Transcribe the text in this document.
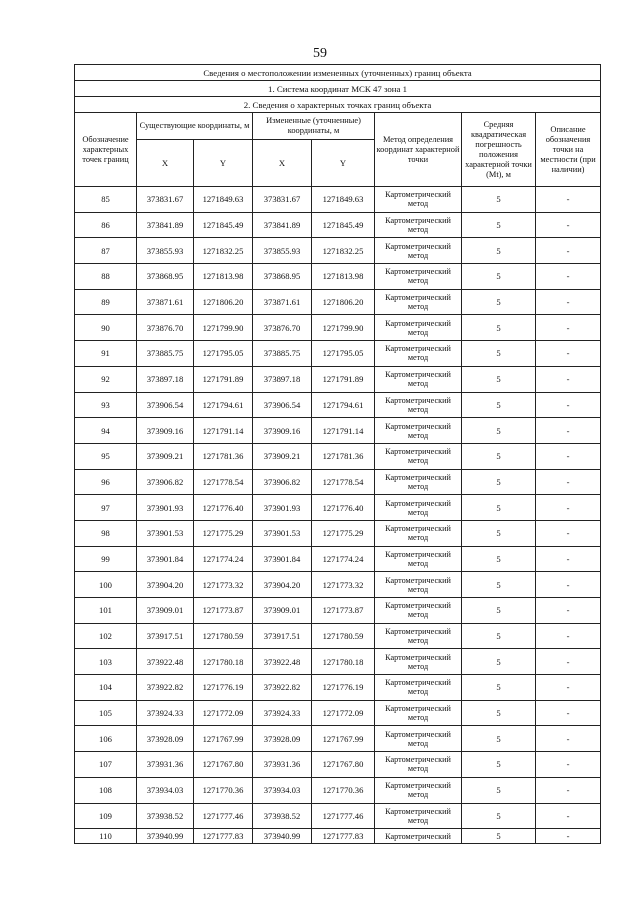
59
Сведения о местоположении измененных (уточненных) границ объекта							
1. Система координат МСК 47 зона 1							
2. Сведения о характерных точках границ объекта							
Обозначение характерных точек границ	Существующие координаты, м		Измененные (уточненные) координаты, м		Метод определения координат характерной точки	Средняя квадратическая погрешность положения характерной точки (Mt), м	Описание обозначения точки на местности (при наличии)
	X	Y	X	Y			
85	373831.67	1271849.63	373831.67	1271849.63	Картометрический метод	5	-
86	373841.89	1271845.49	373841.89	1271845.49	Картометрический метод	5	-
87	373855.93	1271832.25	373855.93	1271832.25	Картометрический метод	5	-
88	373868.95	1271813.98	373868.95	1271813.98	Картометрический метод	5	-
89	373871.61	1271806.20	373871.61	1271806.20	Картометрический метод	5	-
90	373876.70	1271799.90	373876.70	1271799.90	Картометрический метод	5	-
91	373885.75	1271795.05	373885.75	1271795.05	Картометрический метод	5	-
92	373897.18	1271791.89	373897.18	1271791.89	Картометрический метод	5	-
93	373906.54	1271794.61	373906.54	1271794.61	Картометрический метод	5	-
94	373909.16	1271791.14	373909.16	1271791.14	Картометрический метод	5	-
95	373909.21	1271781.36	373909.21	1271781.36	Картометрический метод	5	-
96	373906.82	1271778.54	373906.82	1271778.54	Картометрический метод	5	-
97	373901.93	1271776.40	373901.93	1271776.40	Картометрический метод	5	-
98	373901.53	1271775.29	373901.53	1271775.29	Картометрический метод	5	-
99	373901.84	1271774.24	373901.84	1271774.24	Картометрический метод	5	-
100	373904.20	1271773.32	373904.20	1271773.32	Картометрический метод	5	-
101	373909.01	1271773.87	373909.01	1271773.87	Картометрический метод	5	-
102	373917.51	1271780.59	373917.51	1271780.59	Картометрический метод	5	-
103	373922.48	1271780.18	373922.48	1271780.18	Картометрический метод	5	-
104	373922.82	1271776.19	373922.82	1271776.19	Картометрический метод	5	-
105	373924.33	1271772.09	373924.33	1271772.09	Картометрический метод	5	-
106	373928.09	1271767.99	373928.09	1271767.99	Картометрический метод	5	-
107	373931.36	1271767.80	373931.36	1271767.80	Картометрический метод	5	-
108	373934.03	1271770.36	373934.03	1271770.36	Картометрический метод	5	-
109	373938.52	1271777.46	373938.52	1271777.46	Картометрический метод	5	-
110	373940.99	1271777.83	373940.99	1271777.83	Картометрический	5	-
